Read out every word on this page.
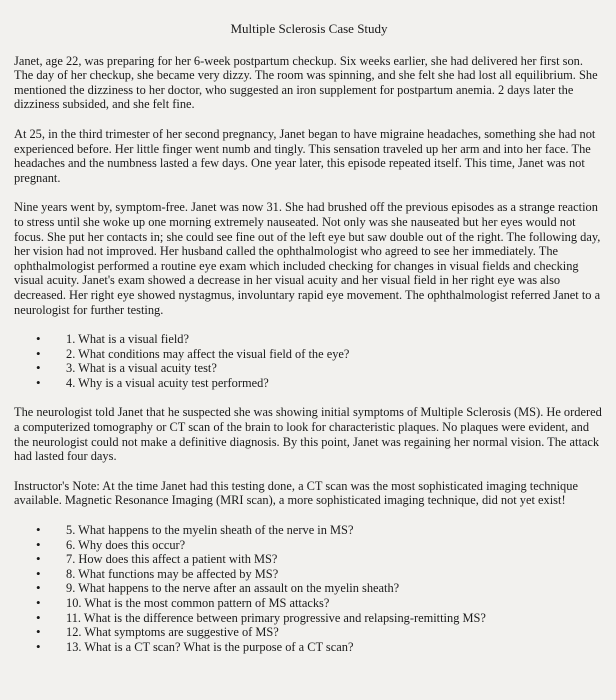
Multiple Sclerosis Case Study

Janet, age 22, was preparing for her 6-week postpartum checkup. Six weeks earlier, she had delivered her first son. The day of her checkup, she became very dizzy. The room was spinning, and she felt she had lost all equilibrium. She mentioned the dizziness to her doctor, who suggested an iron supplement for postpartum anemia. 2 days later the dizziness subsided, and she felt fine.

At 25, in the third trimester of her second pregnancy, Janet began to have migraine headaches, something she had not experienced before. Her little finger went numb and tingly. This sensation traveled up her arm and into her face. The headaches and the numbness lasted a few days. One year later, this episode repeated itself. This time, Janet was not pregnant.

Nine years went by, symptom-free. Janet was now 31. She had brushed off the previous episodes as a strange reaction to stress until she woke up one morning extremely nauseated. Not only was she nauseated but her eyes would not focus. She put her contacts in; she could see fine out of the left eye but saw double out of the right. The following day, her vision had not improved. Her husband called the ophthalmologist who agreed to see her immediately. The ophthalmologist performed a routine eye exam which included checking for changes in visual fields and checking visual acuity. Janet's exam showed a decrease in her visual acuity and her visual field in her right eye was also decreased. Her right eye showed nystagmus, involuntary rapid eye movement. The ophthalmologist referred Janet to a neurologist for further testing.

• 1. What is a visual field?
• 2. What conditions may affect the visual field of the eye?
• 3. What is a visual acuity test?
• 4. Why is a visual acuity test performed?

The neurologist told Janet that he suspected she was showing initial symptoms of Multiple Sclerosis (MS). He ordered a computerized tomography or CT scan of the brain to look for characteristic plaques. No plaques were evident, and the neurologist could not make a definitive diagnosis. By this point, Janet was regaining her normal vision. The attack had lasted four days.

Instructor's Note: At the time Janet had this testing done, a CT scan was the most sophisticated imaging technique available. Magnetic Resonance Imaging (MRI scan), a more sophisticated imaging technique, did not yet exist!

• 5. What happens to the myelin sheath of the nerve in MS?
• 6. Why does this occur?
• 7. How does this affect a patient with MS?
• 8. What functions may be affected by MS?
• 9. What happens to the nerve after an assault on the myelin sheath?
• 10. What is the most common pattern of MS attacks?
• 11. What is the difference between primary progressive and relapsing-remitting MS?
• 12. What symptoms are suggestive of MS?
• 13. What is a CT scan? What is the purpose of a CT scan?
